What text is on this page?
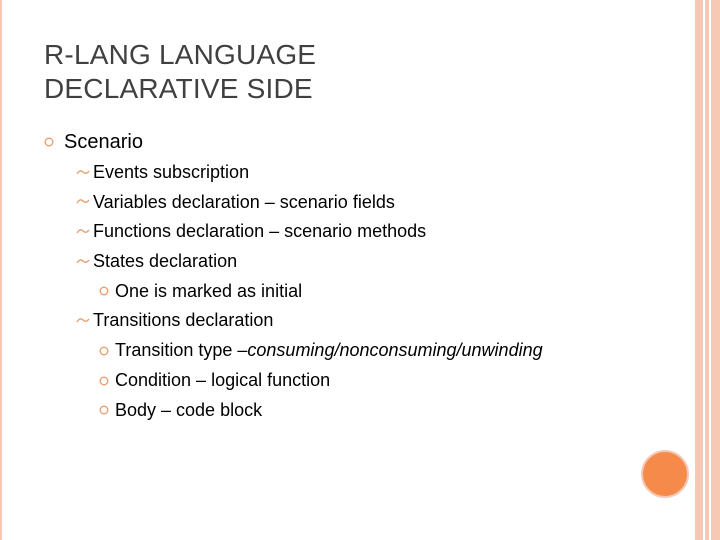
R-LANG LANGUAGE
DECLARATIVE SIDE
Scenario
Events subscription
Variables declaration – scenario fields
Functions declaration – scenario methods
States declaration
One is marked as initial
Transitions declaration
Transition type – consuming/nonconsuming/unwinding
Condition – logical function
Body – code block
